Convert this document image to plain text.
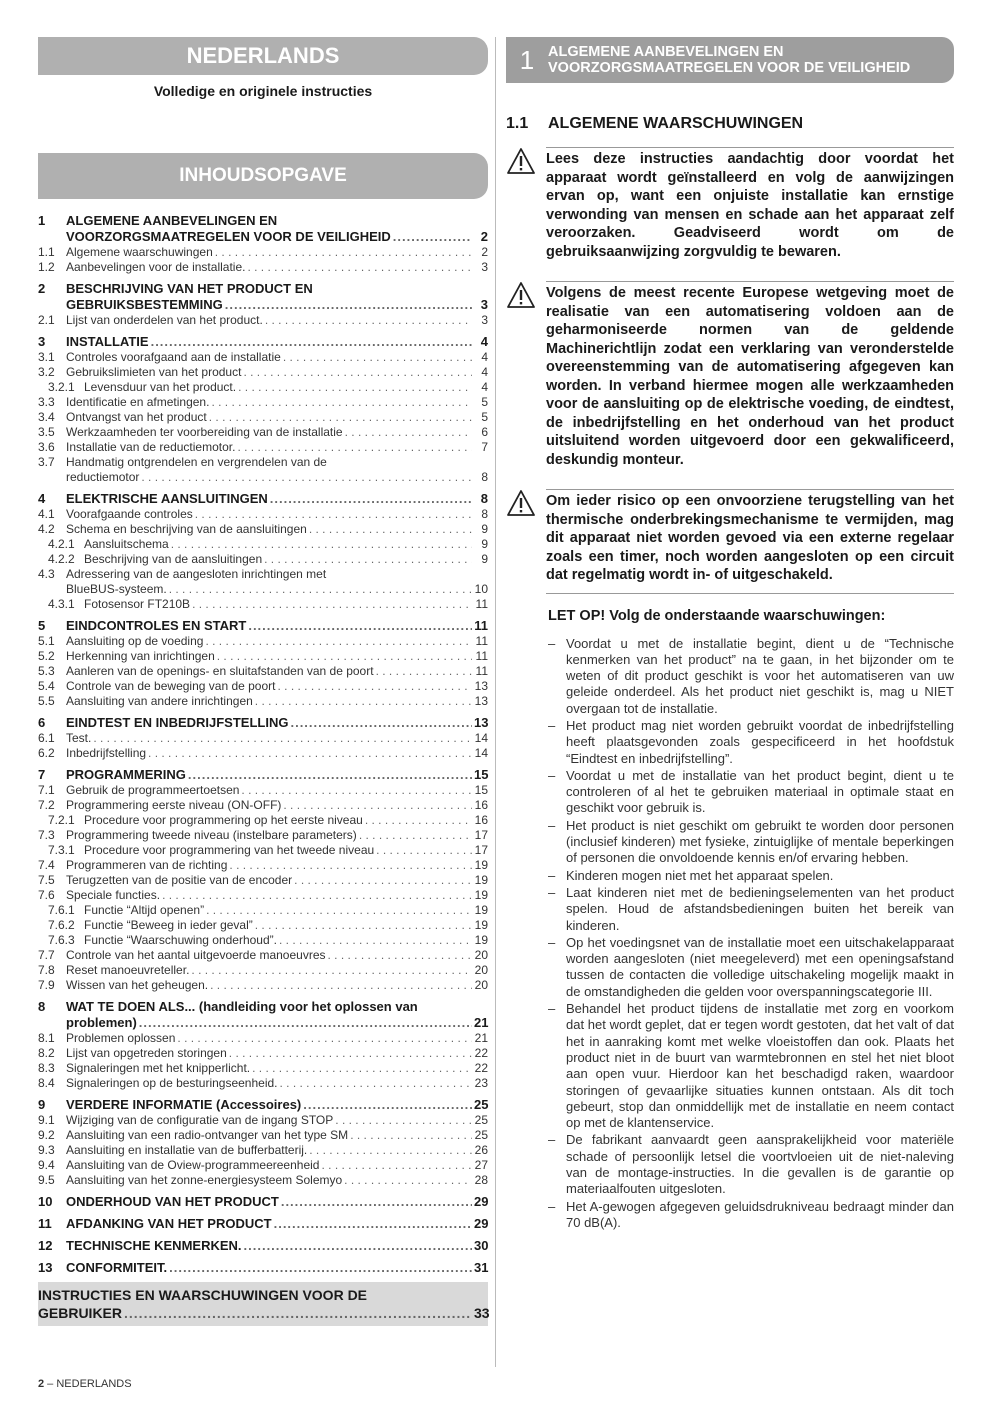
NEDERLANDS
Volledige en originele instructies
INHOUDSOPGAVE
1	ALGEMENE AANBEVELINGEN EN
VOORZORGSMAATREGELEN VOOR DE VEILIGHEID .....	2
1.1 Algemene waarschuwingen . . .	2
1.2 Aanbevelingen voor de installatie. . . .	3
2	BESCHRIJVING VAN HET PRODUCT EN
GEBRUIKSBESTEMMING .....	3
2.1 Lijst van onderdelen van het product. . . .	3
3	INSTALLATIE .....	4
3.1 Controles voorafgaand aan de installatie . . .	4
3.2 Gebruikslimieten van het product . . .	4
3.2.1 Levensduur van het product. . . .	4
3.3 Identificatie en afmetingen. . . .	5
3.4 Ontvangst van het product . . .	5
3.5 Werkzaamheden ter voorbereiding van de installatie . . .	6
3.6 Installatie van de reductiemotor. . . .	7
3.7 Handmatig ontgrendelen en vergrendelen van de
reductiemotor . . .	8
4	ELEKTRISCHE AANSLUITINGEN .....	8
4.1 Voorafgaande controles . . .	8
4.2 Schema en beschrijving van de aansluitingen . . .	9
4.2.1 Aansluitschema . . .	9
4.2.2 Beschrijving van de aansluitingen . . .	9
4.3 Adressering van de aangesloten inrichtingen met
BlueBUS-systeem. . . .	10
4.3.1 Fotosensor FT210B . . .	11
5	EINDCONTROLES EN START .....	11
5.1 Aansluiting op de voeding . . .	11
5.2 Herkenning van inrichtingen . . .	11
5.3 Aanleren van de openings- en sluitafstanden van de poort . . .	11
5.4 Controle van de beweging van de poort . . .	13
5.5 Aansluiting van andere inrichtingen . . .	13
6	EINDTEST EN INBEDRIJFSTELLING .....	13
6.1 Test. . . .	14
6.2 Inbedrijfstelling . . .	14
7	PROGRAMMERING .....	15
7.1 Gebruik de programmeertoetsen . . .	15
7.2 Programmering eerste niveau (ON-OFF) . . .	16
7.2.1 Procedure voor programmering op het eerste niveau . . .	16
7.3 Programmering tweede niveau (instelbare parameters) . . .	17
7.3.1 Procedure voor programmering van het tweede niveau . . .	17
7.4 Programmeren van de richting . . .	19
7.5 Terugzetten van de positie van de encoder . . .	19
7.6 Speciale functies. . . .	19
7.6.1 Functie “Altijd openen” . . .	19
7.6.2 Functie “Beweeg in ieder geval” . . .	19
7.6.3 Functie “Waarschuwing onderhoud”. . . .	19
7.7 Controle van het aantal uitgevoerde manoeuvres . . .	20
7.8 Reset manoeuvreteller. . . .	20
7.9 Wissen van het geheugen. . . .	20
8	WAT TE DOEN ALS... (handleiding voor het oplossen van
problemen) .....	21
8.1 Problemen oplossen . . .	21
8.2 Lijst van opgetreden storingen . . .	22
8.3 Signaleringen met het knipperlicht. . . .	22
8.4 Signaleringen op de besturingseenheid. . . .	23
9	VERDERE INFORMATIE (Accessoires) .....	25
9.1 Wijziging van de configuratie van de ingang STOP . . .	25
9.2 Aansluiting van een radio-ontvanger van het type SM . . .	25
9.3 Aansluiting en installatie van de bufferbatterij. . . .	26
9.4 Aansluiting van de Oview-programmeereenheid . . .	27
9.5 Aansluiting van het zonne-energiesysteem Solemyo . . .	28
10	ONDERHOUD VAN HET PRODUCT .....	29
11	AFDANKING VAN HET PRODUCT .....	29
12	TECHNISCHE KENMERKEN. .....	30
13	CONFORMITEIT. .....	31
INSTRUCTIES EN WAARSCHUWINGEN VOOR DE
GEBRUIKER .....	33
1 ALGEMENE AANBEVELINGEN EN
VOORZORGSMAATREGELEN VOOR DE VEILIGHEID
1.1 ALGEMENE WAARSCHUWINGEN
Lees deze instructies aandachtig door voordat het apparaat wordt geïnstalleerd en volg de aanwijzingen ervan op, want een onjuiste installatie kan ernstige verwonding van mensen en schade aan het apparaat zelf veroorzaken. Geadviseerd wordt om de gebruiksaanwijzing zorgvuldig te bewaren.
Volgens de meest recente Europese wetgeving moet de realisatie van een automatisering voldoen aan de geharmoniseerde normen van de geldende Machinerichtlijn zodat een verklaring van veronderstelde overeenstemming van de automatisering afgegeven kan worden. In verband hiermee mogen alle werkzaamheden voor de aansluiting op de elektrische voeding, de eindtest, de inbedrijfstelling en het onderhoud van het product uitsluitend worden uitgevoerd door een gekwalificeerd, deskundig monteur.
Om ieder risico op een onvoorziene terugstelling van het thermische onderbrekingsmechanisme te vermijden, mag dit apparaat niet worden gevoed via een externe regelaar zoals een timer, noch worden aangesloten op een circuit dat regelmatig wordt in- of uitgeschakeld.
LET OP! Volg de onderstaande waarschuwingen:
– Voordat u met de installatie begint, dient u de “Technische kenmerken van het product” na te gaan, in het bijzonder om te weten of dit product geschikt is voor het automatiseren van uw geleide onderdeel. Als het product niet geschikt is, mag u NIET overgaan tot de installatie.
– Het product mag niet worden gebruikt voordat de inbedrijfstelling heeft plaatsgevonden zoals gespecificeerd in het hoofdstuk “Eindtest en inbedrijfstelling”.
– Voordat u met de installatie van het product begint, dient u te controleren of al het te gebruiken materiaal in optimale staat en geschikt voor gebruik is.
– Het product is niet geschikt om gebruikt te worden door personen (inclusief kinderen) met fysieke, zintuiglijke of mentale beperkingen of personen die onvoldoende kennis en/of ervaring hebben.
– Kinderen mogen niet met het apparaat spelen.
– Laat kinderen niet met de bedieningselementen van het product spelen. Houd de afstandsbedieningen buiten het bereik van kinderen.
– Op het voedingsnet van de installatie moet een uitschakelapparaat worden aangesloten (niet meegeleverd) met een openingsafstand tussen de contacten die volledige uitschakeling mogelijk maakt in de omstandigheden die gelden voor overspanningscategorie III.
– Behandel het product tijdens de installatie met zorg en voorkom dat het wordt geplet, dat er tegen wordt gestoten, dat het valt of dat het in aanraking komt met welke vloeistoffen dan ook. Plaats het product niet in de buurt van warmtebronnen en stel het niet bloot aan open vuur. Hierdoor kan het beschadigd raken, waardoor storingen of gevaarlijke situaties kunnen ontstaan. Als dit toch gebeurt, stop dan onmiddellijk met de installatie en neem contact op met de klantenservice.
– De fabrikant aanvaardt geen aansprakelijkheid voor materiële schade of persoonlijk letsel die voortvloeien uit de niet-naleving van de montage-instructies. In die gevallen is de garantie op materiaalfouten uitgesloten.
– Het A-gewogen afgegeven geluidsdrukniveau bedraagt minder dan 70 dB(A).
2 – NEDERLANDS
